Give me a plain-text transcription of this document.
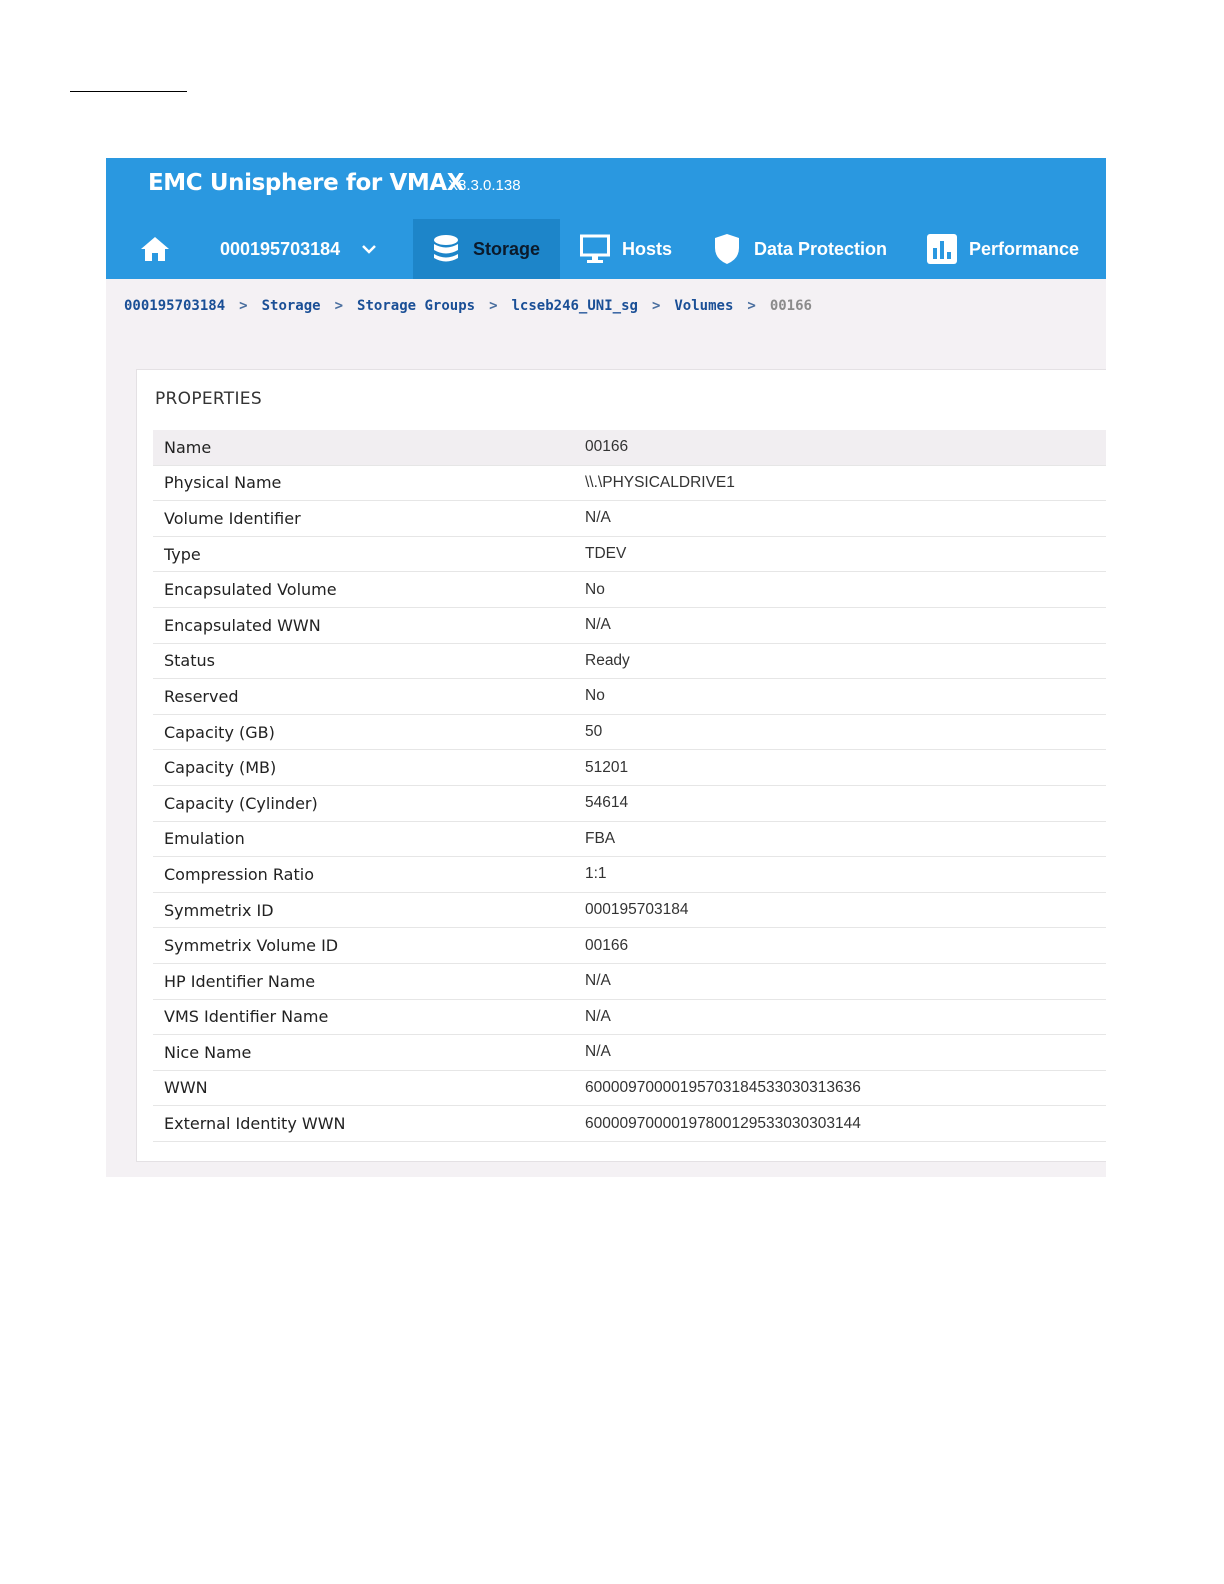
EMC Unisphere for VMAX
X8.3.0.138
000195703184	Storage	Hosts	Data Protection	Performance
000195703184 > Storage > Storage Groups > lcseb246_UNI_sg > Volumes > 00166
PROPERTIES
Name	00166
Physical Name	\\.\PHYSICALDRIVE1
Volume Identifier	N/A
Type	TDEV
Encapsulated Volume	No
Encapsulated WWN	N/A
Status	Ready
Reserved	No
Capacity (GB)	50
Capacity (MB)	51201
Capacity (Cylinder)	54614
Emulation	FBA
Compression Ratio	1:1
Symmetrix ID	000195703184
Symmetrix Volume ID	00166
HP Identifier Name	N/A
VMS Identifier Name	N/A
Nice Name	N/A
WWN	60000970000195703184533030313636
External Identity WWN	60000970000197800129533030303144
